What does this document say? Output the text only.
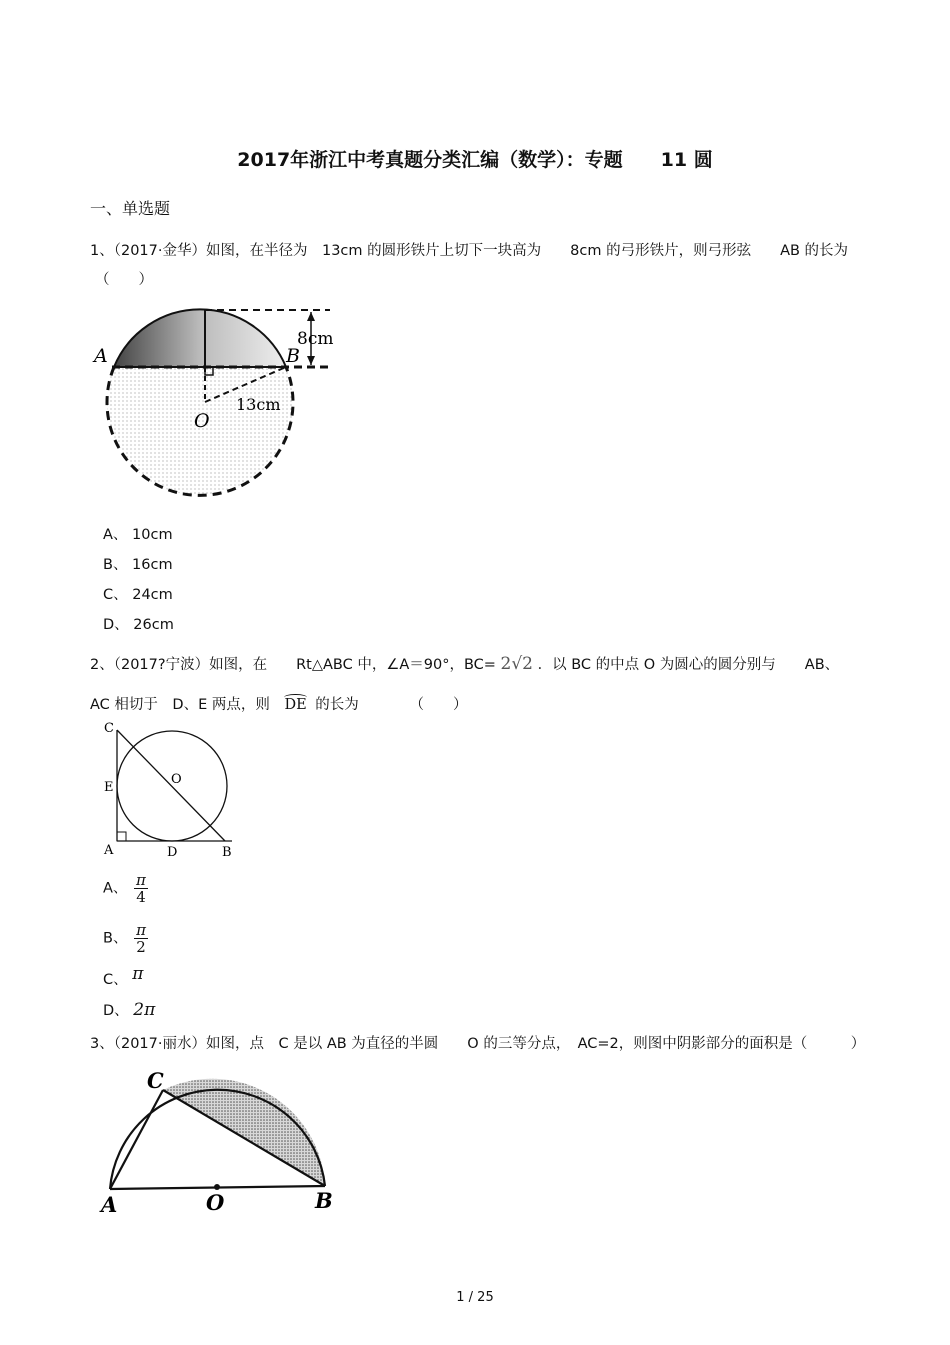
2017年浙江中考真题分类汇编（数学）：专题　　11 圆
一、单选题
1、（2017·金华）如图，在半径为　13cm 的圆形铁片上切下一块高为　　8cm 的弓形铁片，则弓形弦　　AB 的长为
（　　）
8cm
13cm
A	B
O
A、 10cm
B、 16cm
C、 24cm
D、 26cm
2、（2017?宁波）如图，在　　Rt△ABC 中，∠A＝90°，BC= 2√2 ．以 BC 的中点 O 为圆心的圆分别与　　AB、
AC 相切于　D、E 两点，则 DE 的长为　　　　（　　）
C
E
O
A	D	B
A、 $\frac{\pi}{4}$
B、 $\frac{\pi}{2}$
C、 π
D、 2π
3、（2017·丽水）如图，点　C 是以 AB 为直径的半圆　　O 的三等分点，　AC=2，则图中阴影部分的面积是（　　　）
C
A	O	B
1 / 25
